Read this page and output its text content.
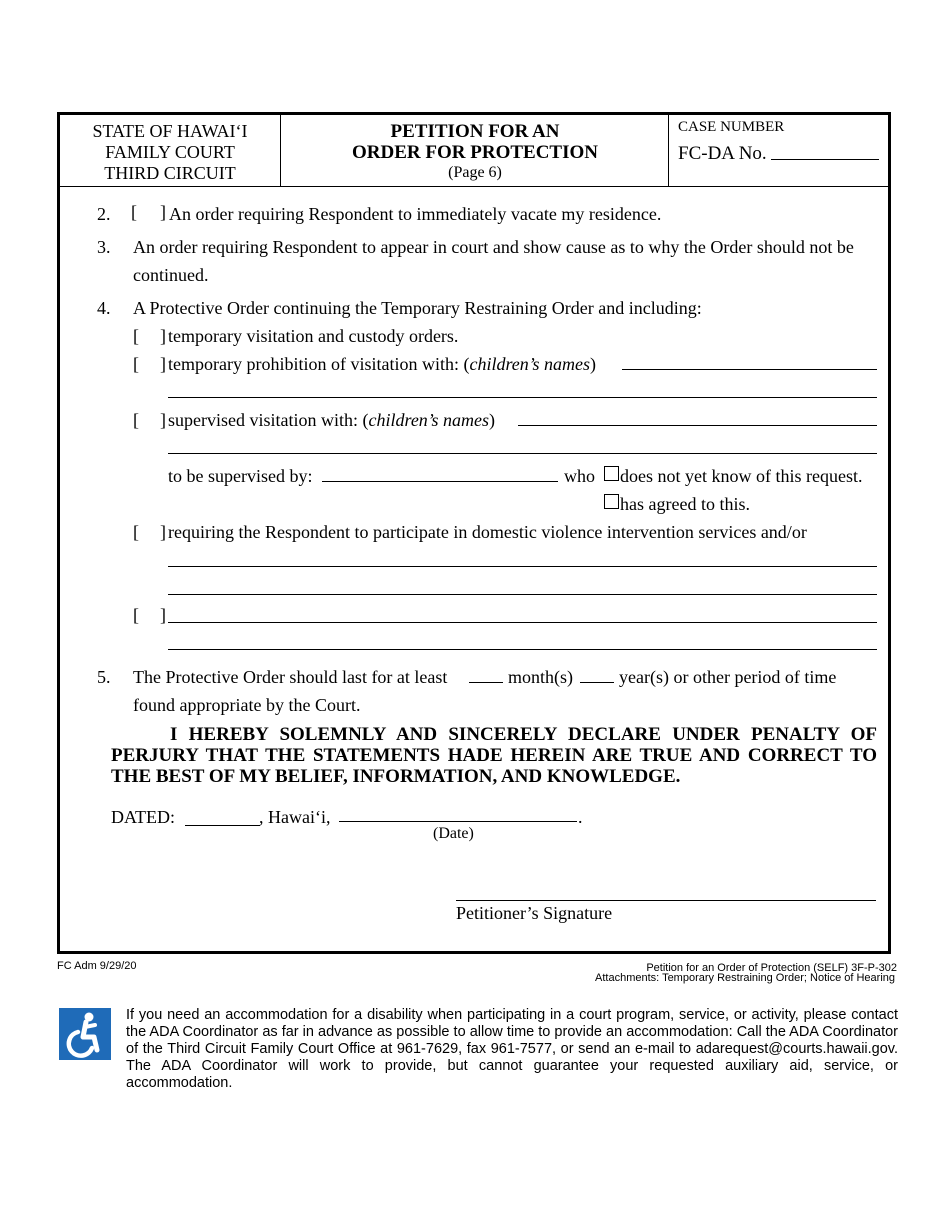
STATE OF HAWAI‘I
FAMILY COURT
THIRD CIRCUIT
PETITION FOR AN
ORDER FOR PROTECTION
(Page 6)
CASE NUMBER
FC-DA No.
2. [ ] An order requiring Respondent to immediately vacate my residence.
3. An order requiring Respondent to appear in court and show cause as to why the Order should not be
continued.
4. A Protective Order continuing the Temporary Restraining Order and including:
[ ] temporary visitation and custody orders.
[ ] temporary prohibition of visitation with: (children’s names)
[ ] supervised visitation with: (children’s names)
to be supervised by:	who does not yet know of this request.
has agreed to this.
[ ] requiring the Respondent to participate in domestic violence intervention services and/or
[ ]
5. The Protective Order should last for at least	month(s)	year(s) or other period of time
found appropriate by the Court.
I HEREBY SOLEMNLY AND SINCERELY DECLARE UNDER PENALTY OF PERJURY THAT THE STATEMENTS HADE HEREIN ARE TRUE AND CORRECT TO THE BEST OF MY BELIEF, INFORMATION, AND KNOWLEDGE.
DATED:	, Hawai‘i,	.
(Date)
Petitioner’s Signature
FC Adm 9/29/20	Petition for an Order of Protection (SELF) 3F-P-302
Attachments: Temporary Restraining Order; Notice of Hearing
If you need an accommodation for a disability when participating in a court program, service, or activity, please contact the ADA Coordinator as far in advance as possible to allow time to provide an accommodation: Call the ADA Coordinator of the Third Circuit Family Court Office at 961-7629, fax 961-7577, or send an e-mail to adarequest@courts.hawaii.gov. The ADA Coordinator will work to provide, but cannot guarantee your requested auxiliary aid, service, or accommodation.
